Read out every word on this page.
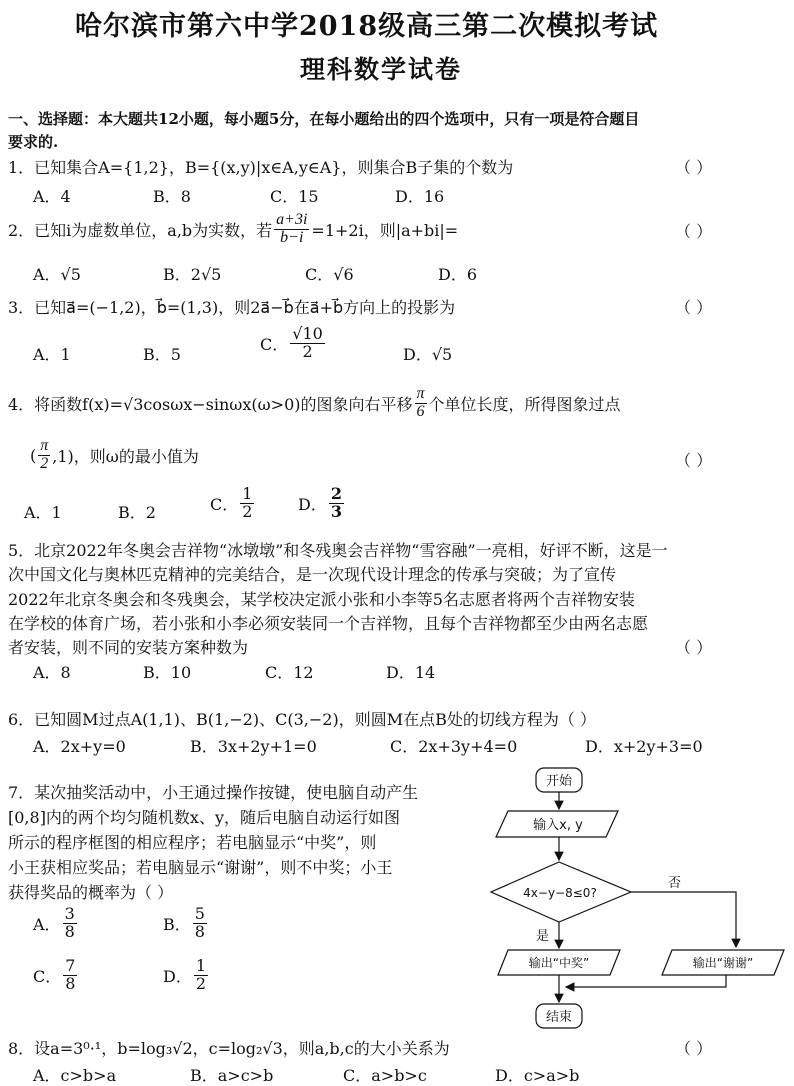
哈尔滨市第六中学2018级高三第二次模拟考试
理科数学试卷
一、选择题：本大题共12小题，每小题5分，在每小题给出的四个选项中，只有一项是符合题目
要求的.
1．已知集合A={1,2}，B={(x,y)|x∈A,y∈A}，则集合B子集的个数为	（ ）
A．4	B．8	C．15	D．16
2．已知i为虚数单位，a,b为实数，若 $\frac{a+3i}{b-i} =1+2i$，则|a+bi|=	（ ）
A．√5	B．2√5	C．√6	D．6
3．已知a⃗=(−1,2)，b⃗=(1,3)，则2a⃗−b⃗在a⃗+b⃗方向上的投影为	（ ）
A．1	B．5
C． $\frac{√10}{2}$	D．√5
4．将函数f(x)=√3cosωx−sinωx(ω>0)的图象向右平移 $\frac{\pi}{6}$ 个单位长度，所得图象过点
( $\frac{\pi}{2} ,1$)，则ω的最小值为	（ ）
A．1	B．2	C． $\frac{1}{2}$	D． $\frac{2}{3}$
5．北京2022年冬奥会吉祥物“冰墩墩”和冬残奥会吉祥物“雪容融”一亮相，好评不断，这是一
次中国文化与奥林匹克精神的完美结合，是一次现代设计理念的传承与突破；为了宣传
2022年北京冬奥会和冬残奥会，某学校决定派小张和小李等5名志愿者将两个吉祥物安装
在学校的体育广场，若小张和小李必须安装同一个吉祥物，且每个吉祥物都至少由两名志愿
者安装，则不同的安装方案种数为	（ ）
A．8	B．10	C．12	D．14
6．已知圆M过点A(1,1)、B(1,−2)、C(3,−2)，则圆M在点B处的切线方程为（ ）
A．2x+y=0	B．3x+2y+1=0	C．2x+3y+4=0	D．x+2y+3=0
7．某次抽奖活动中，小王通过操作按键，使电脑自动产生
[0,8]内的两个均匀随机数x、y，随后电脑自动运行如图
所示的程序框图的相应程序；若电脑显示“中奖”，则
小王获相应奖品；若电脑显示“谢谢”，则不中奖；小王
获得奖品的概率为（ ）
A． $\frac{3}{8}$	B． $\frac{5}{8}$
C． $\frac{7}{8}$	D． $\frac{1}{2}$
开始
输入x, y
4x−y−8≤0?
否
是
输出“中奖”	输出“谢谢”
结束
8．设a=3⁰·¹，b=log₃√2，c=log₂√3，则a,b,c的大小关系为	（ ）
A．c>b>a	B．a>c>b	C．a>b>c	D．c>a>b
